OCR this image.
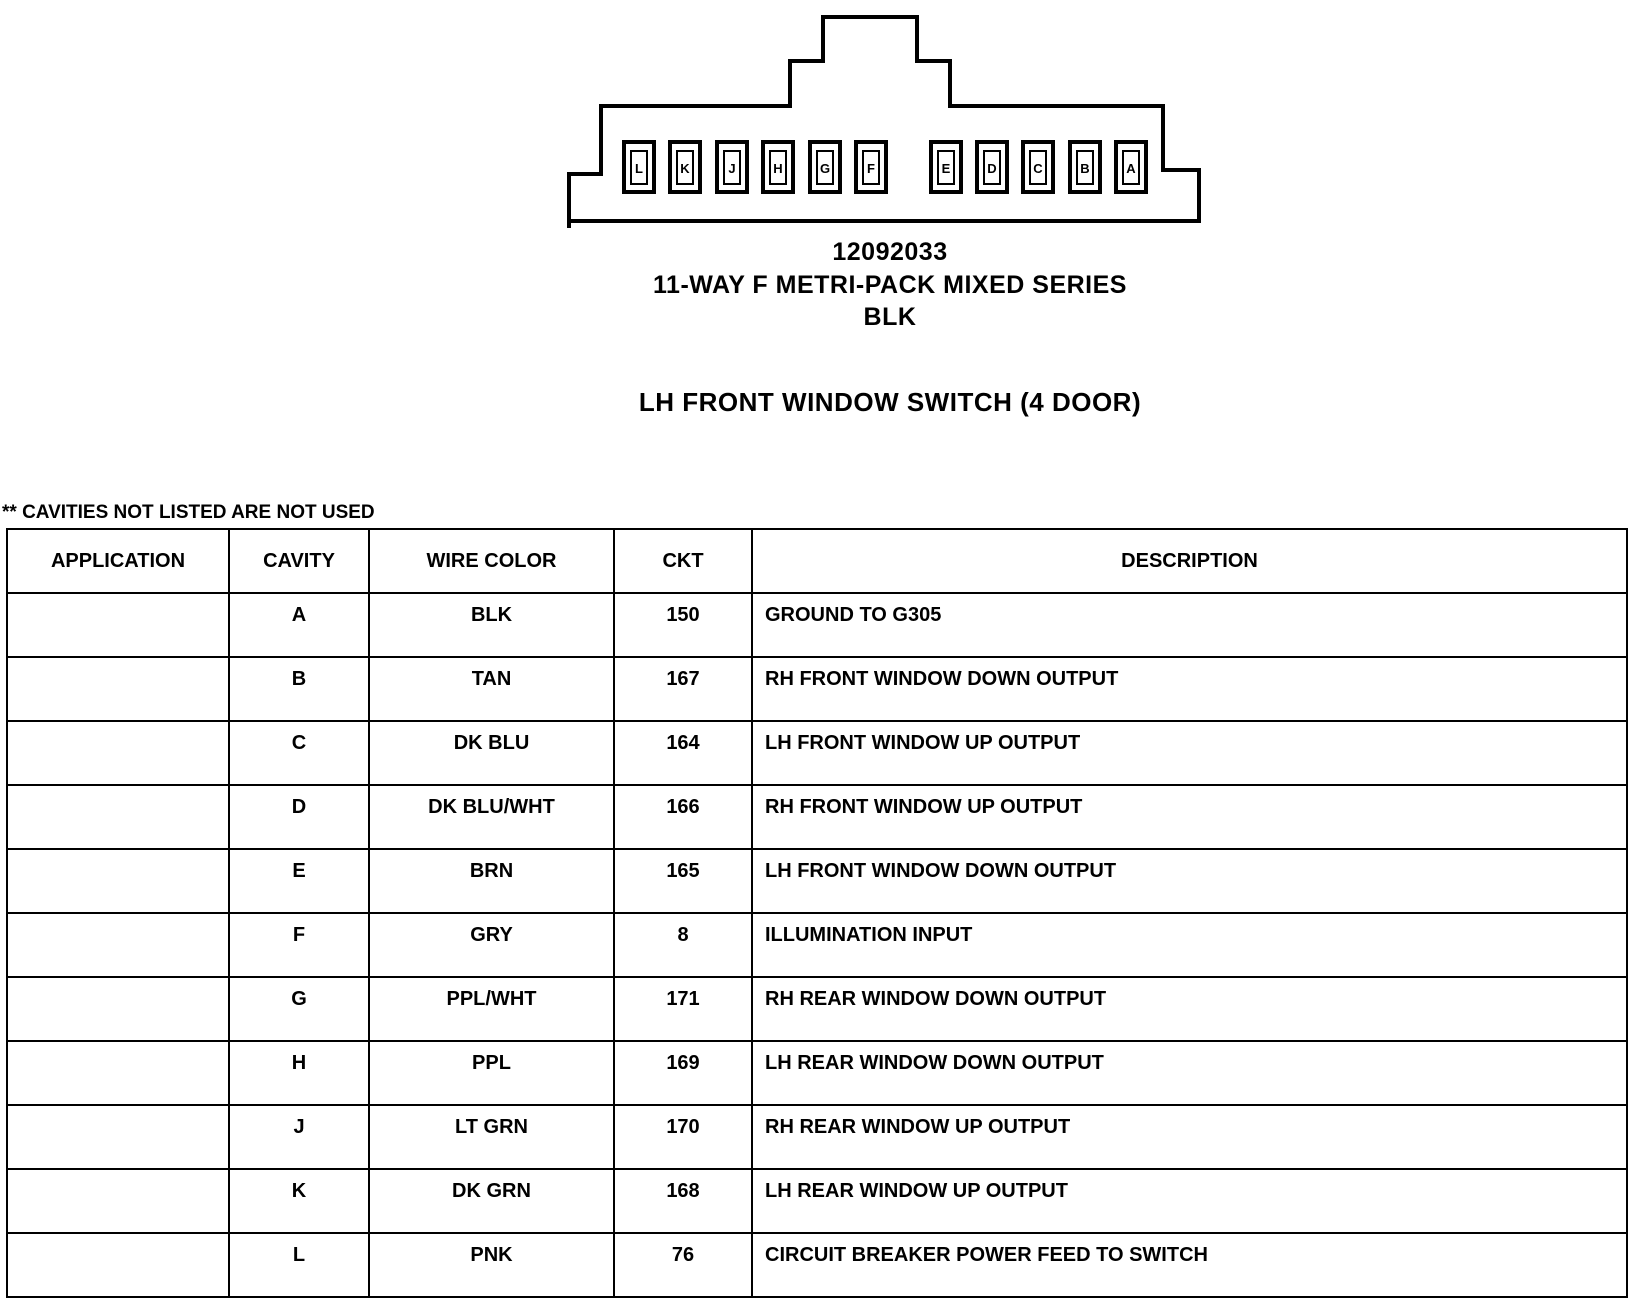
L	K	J	H	G	F	E	D	C	B	A
12092033
11-WAY F METRI-PACK MIXED SERIES
BLK
LH FRONT WINDOW SWITCH (4 DOOR)
** CAVITIES NOT LISTED ARE NOT USED
APPLICATION	CAVITY	WIRE COLOR	CKT	DESCRIPTION
	A	BLK	150	GROUND TO G305
	B	TAN	167	RH FRONT WINDOW DOWN OUTPUT
	C	DK BLU	164	LH FRONT WINDOW UP OUTPUT
	D	DK BLU/WHT	166	RH FRONT WINDOW UP OUTPUT
	E	BRN	165	LH FRONT WINDOW DOWN OUTPUT
	F	GRY	8	ILLUMINATION INPUT
	G	PPL/WHT	171	RH REAR WINDOW DOWN OUTPUT
	H	PPL	169	LH REAR WINDOW DOWN OUTPUT
	J	LT GRN	170	RH REAR WINDOW UP OUTPUT
	K	DK GRN	168	LH REAR WINDOW UP OUTPUT
	L	PNK	76	CIRCUIT BREAKER POWER FEED TO SWITCH
